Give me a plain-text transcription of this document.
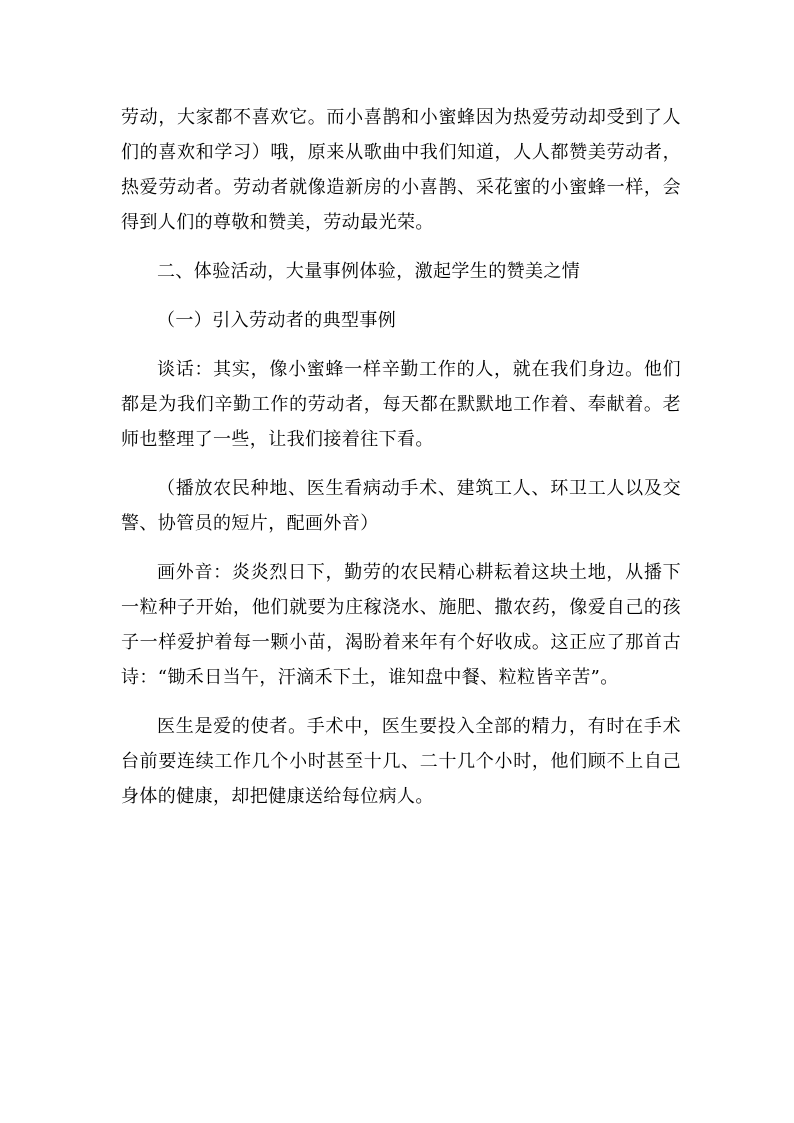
劳动，大家都不喜欢它。而小喜鹊和小蜜蜂因为热爱劳动却受到了人们的喜欢和学习）哦，原来从歌曲中我们知道，人人都赞美劳动者，热爱劳动者。劳动者就像造新房的小喜鹊、采花蜜的小蜜蜂一样，会得到人们的尊敬和赞美，劳动最光荣。

二、体验活动，大量事例体验，激起学生的赞美之情

（一）引入劳动者的典型事例

谈话：其实，像小蜜蜂一样辛勤工作的人，就在我们身边。他们都是为我们辛勤工作的劳动者，每天都在默默地工作着、奉献着。老师也整理了一些，让我们接着往下看。

（播放农民种地、医生看病动手术、建筑工人、环卫工人以及交警、协管员的短片，配画外音）

画外音：炎炎烈日下，勤劳的农民精心耕耘着这块土地，从播下一粒种子开始，他们就要为庄稼浇水、施肥、撒农药，像爱自己的孩子一样爱护着每一颗小苗，渴盼着来年有个好收成。这正应了那首古诗：“锄禾日当午，汗滴禾下土，谁知盘中餐、粒粒皆辛苦”。

医生是爱的使者。手术中，医生要投入全部的精力，有时在手术台前要连续工作几个小时甚至十几、二十几个小时，他们顾不上自己身体的健康，却把健康送给每位病人。
